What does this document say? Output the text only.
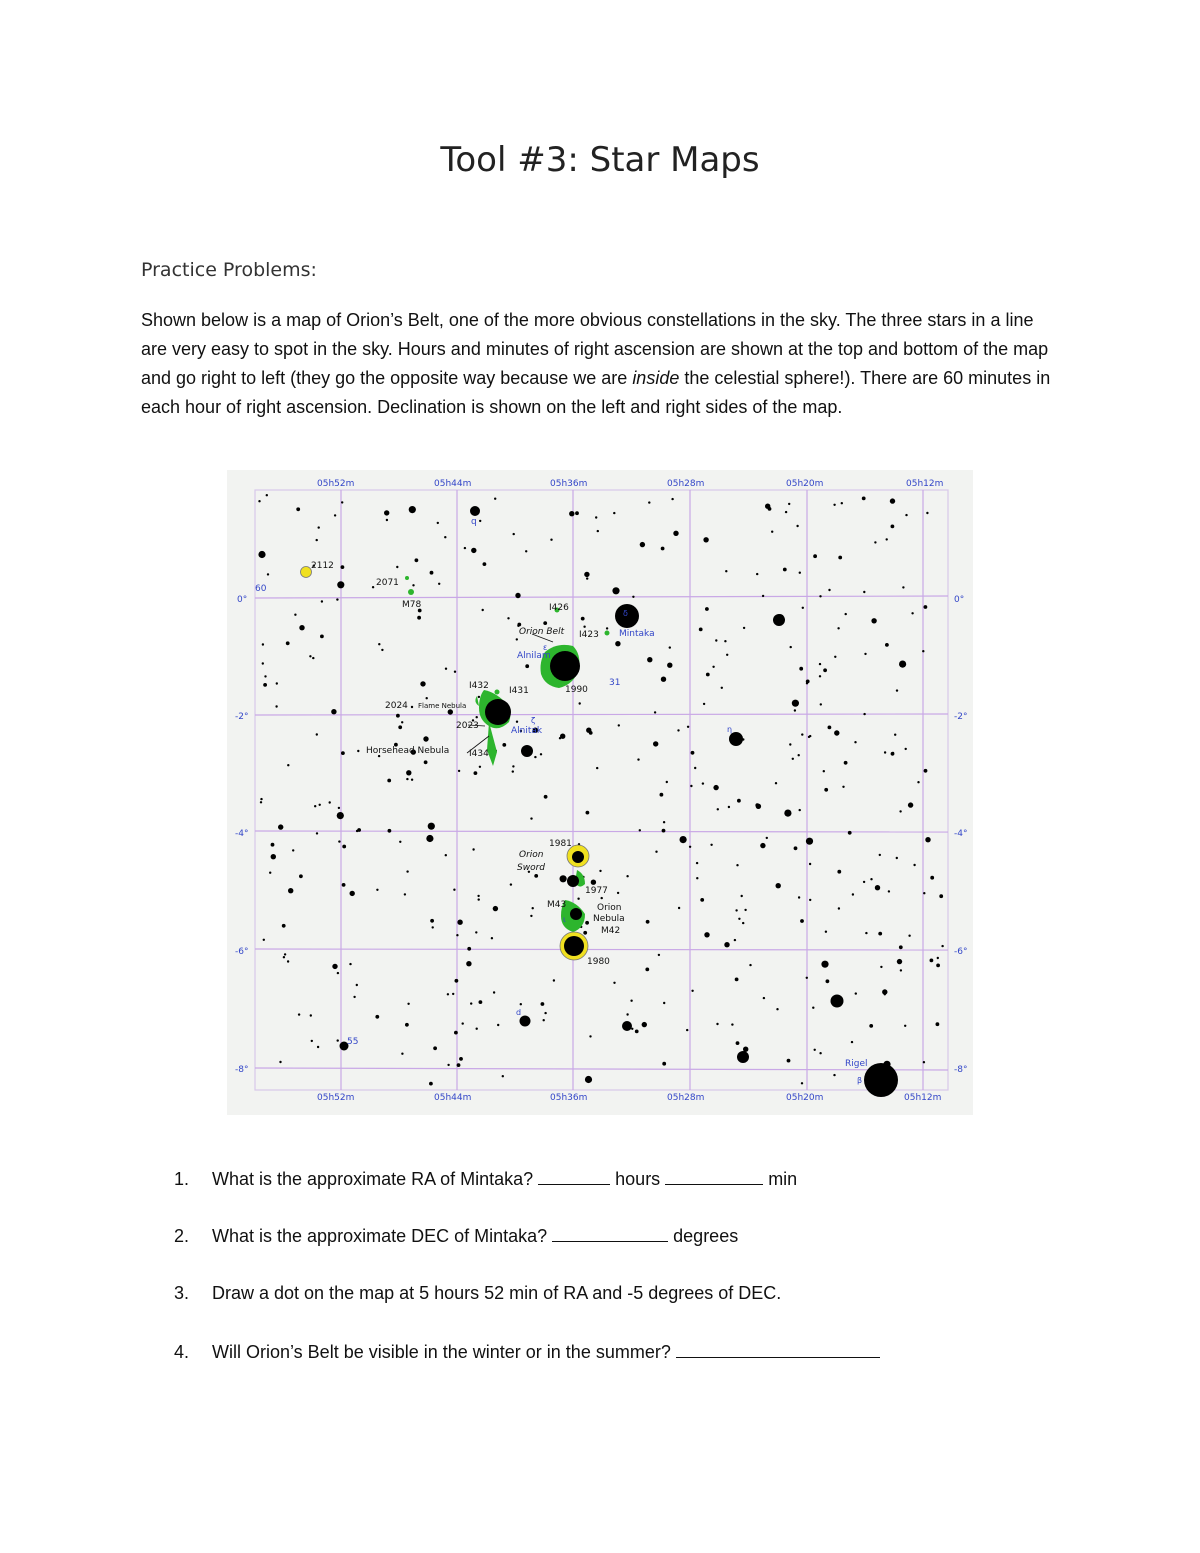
Tool #3: Star Maps
Practice Problems:

Shown below is a map of Orion’s Belt, one of the more obvious constellations in the sky. The three stars in a line are very easy to spot in the sky. Hours and minutes of right ascension are shown at the top and bottom of the map and go right to left (they go the opposite way because we are inside the celestial sphere!). There are 60 minutes in each hour of right ascension. Declination is shown on the left and right sides of the map.

05h52m	05h44m	05h36m	05h28m	05h20m	05h12m
05h52m	05h44m	05h36m	05h28m	05h20m	05h12m
0°
-2°
-4°
-6°
-8°
0°
-2°
-4°
-6°
-8°
2112
2071
M78	I426
Orion Belt I423
I432 I431	1990
2024 Flame Nebula
2023
Horsehead Nebula I434
1981
Orion
Sword
1977
M43	Orion
Nebula
M42
1980
60
Mintaka
Alnilam
31
Alnitak
55
Rigel
q
δ
ε
ζ
β
η
ι
d
1. What is the approximate RA of Mintaka?	hours	min
2. What is the approximate DEC of Mintaka?	degrees
3. Draw a dot on the map at 5 hours 52 min of RA and -5 degrees of DEC.
4. Will Orion’s Belt be visible in the winter or in the summer?
